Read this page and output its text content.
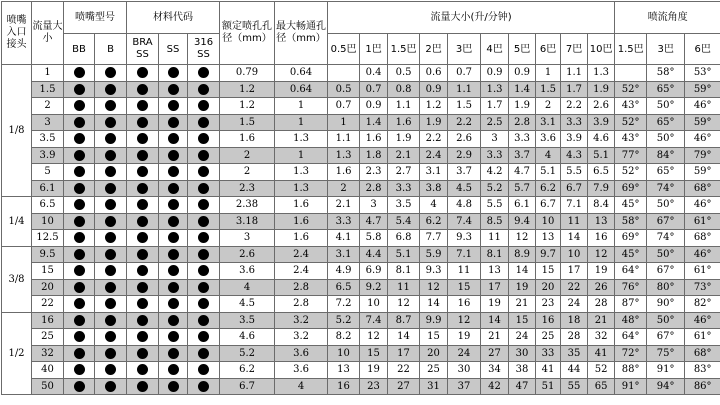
喷嘴入口接头	流量大小	喷嘴型号		材料代码			额定喷孔孔径（mm）	最大畅通孔径（mm）	流量大小(升/分钟)										喷流角度		
		BB	B	BRA SS	SS	316 SS			0.5巴	1巴	1.5巴	2巴	3巴	4巴	5巴	6巴	7巴	10巴	1.5巴	3巴	6巴
1/8	1						0.79	0.64		0.4	0.5	0.6	0.7	0.9	0.9	1	1.1	1.3		58°	53°
	1.5						1.2	0.64	0.5	0.7	0.8	0.9	1.1	1.3	1.4	1.5	1.7	1.9	52°	65°	59°
	2						1.2	1	0.7	0.9	1.1	1.2	1.5	1.7	1.9	2	2.2	2.6	43°	50°	46°
	3						1.5	1	1	1.4	1.6	1.9	2.2	2.5	2.8	3.1	3.3	3.9	52°	65°	59°
	3.5						1.6	1.3	1.1	1.6	1.9	2.2	2.6	3	3.3	3.6	3.9	4.6	43°	50°	46°
	3.9						2	1	1.3	1.8	2.1	2.4	2.9	3.3	3.7	4	4.3	5.1	77°	84°	79°
	5						2	1.3	1.6	2.3	2.7	3.1	3.7	4.2	4.7	5.1	5.5	6.5	52°	65°	59°
	6.1						2.3	1.3	2	2.8	3.3	3.8	4.5	5.2	5.7	6.2	6.7	7.9	69°	74°	68°
1/4	6.5						2.38	1.6	2.1	3	3.5	4	4.8	5.5	6.1	6.7	7.1	8.4	45°	50°	46°
	10						3.18	1.6	3.3	4.7	5.4	6.2	7.4	8.5	9.4	10	11	13	58°	67°	61°
	12.5						3	1.6	4.1	5.8	6.8	7.7	9.3	11	12	13	14	16	69°	74°	68°
3/8	9.5						2.6	2.4	3.1	4.4	5.1	5.9	7.1	8.1	8.9	9.7	10	12	45°	50°	46°
	15						3.6	2.4	4.9	6.9	8.1	9.3	11	13	14	15	17	19	64°	67°	61°
	20						4	2.8	6.5	9.2	11	12	15	17	19	20	22	26	76°	80°	73°
	22						4.5	2.8	7.2	10	12	14	16	19	21	23	24	28	87°	90°	82°
1/2	16						3.5	3.2	5.2	7.4	8.7	9.9	12	14	15	16	18	21	48°	50°	46°
	25						4.6	3.2	8.2	12	14	15	19	21	24	25	28	32	64°	67°	61°
	32						5.2	3.6	10	15	17	20	24	27	30	33	35	41	72°	75°	68°
	40						6.2	3.6	13	19	22	25	30	34	38	41	44	52	88°	91°	83°
	50						6.7	4	16	23	27	31	37	42	47	51	55	65	91°	94°	86°
